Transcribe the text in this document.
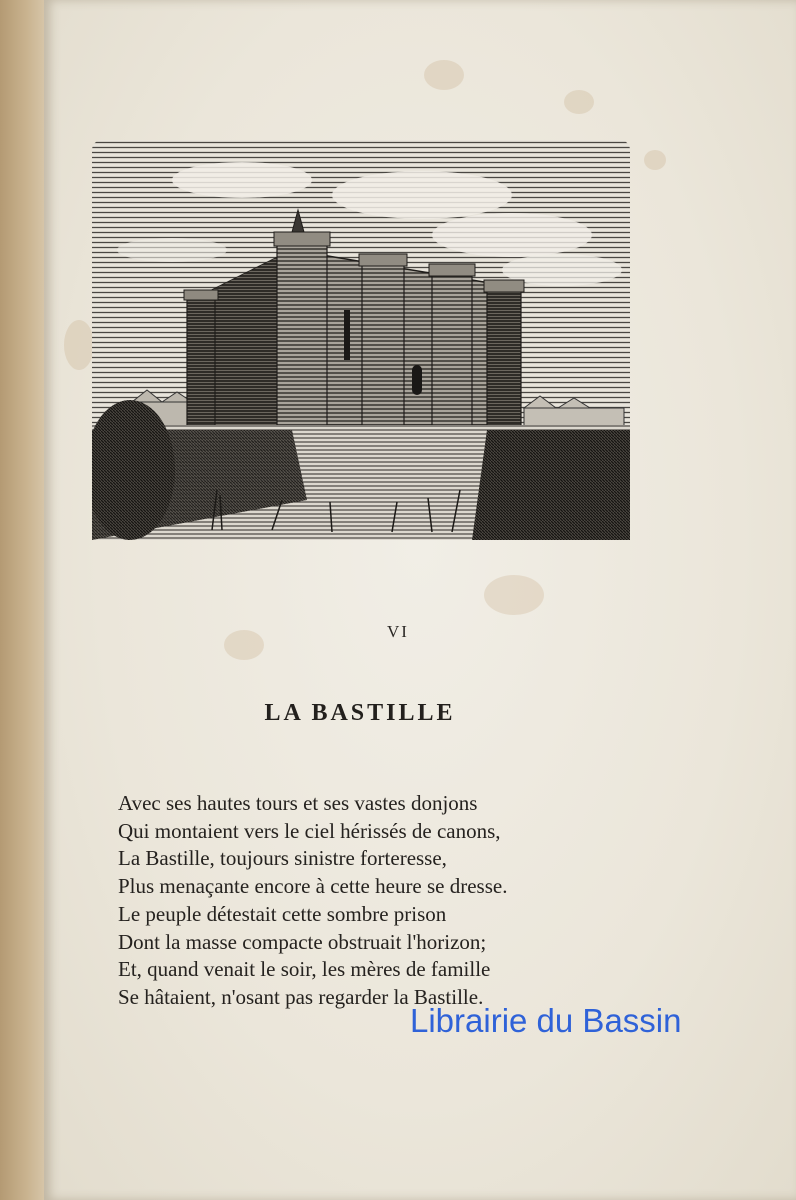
VI
LA BASTILLE
Avec ses hautes tours et ses vastes donjons
Qui montaient vers le ciel hérissés de canons,
La Bastille, toujours sinistre forteresse,
Plus menaçante encore à cette heure se dresse.
Le peuple détestait cette sombre prison
Dont la masse compacte obstruait l'horizon;
Et, quand venait le soir, les mères de famille
Se hâtaient, n'osant pas regarder la Bastille.
Librairie du Bassin
